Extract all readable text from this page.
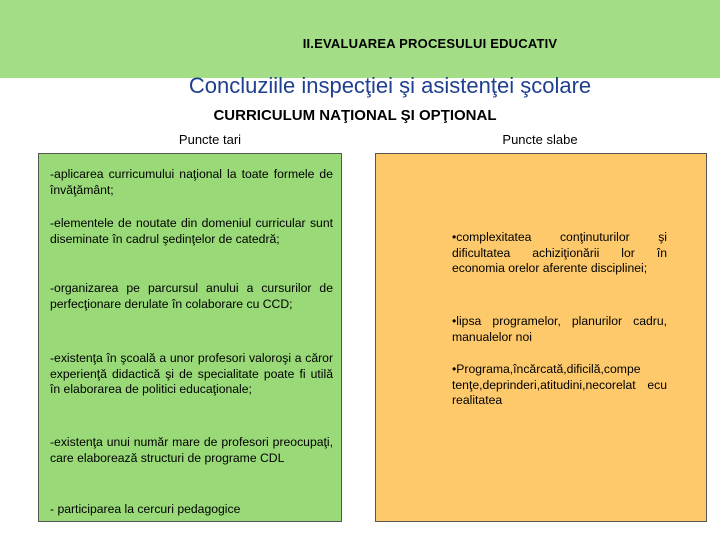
II.EVALUAREA PROCESULUI EDUCATIV
Concluziile inspecţiei şi asistenţei şcolare
CURRICULUM NAŢIONAL ŞI OPŢIONAL
Puncte tari	Puncte slabe
-aplicarea curricumului naţional la toate formele de învăţământ;
-elementele de noutate din domeniul curricular sunt diseminate în cadrul şedinţelor de catedră;
-organizarea pe parcursul anului a cursurilor de perfecţionare derulate în colaborare cu CCD;
-existenţa în şcoală a unor profesori valoroşi a căror experienţă didactică şi de specialitate poate fi utilă în elaborarea de politici educaţionale;
-existenţa unui număr mare de profesori preocupaţi, care elaborează structuri de programe CDL
- participarea la cercuri pedagogice
•complexitatea conţinuturilor şi dificultatea achiziţionării lor în economia orelor aferente disciplinei;
•lipsa programelor, planurilor cadru, manualelor noi
•Programa,încărcată,dificilă,compe tenţe,deprinderi,atitudini,necorelat ecu realitatea
